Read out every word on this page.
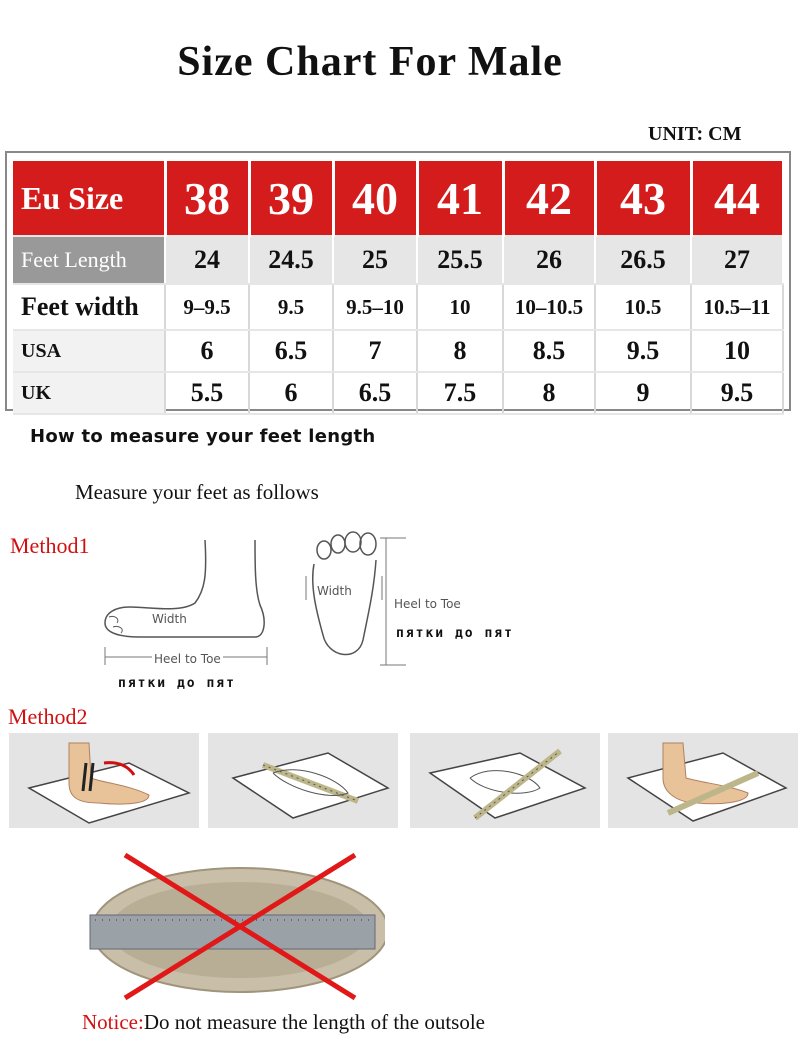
Size Chart For Male
UNIT: CM
Eu Size	38	39	40	41	42	43	44
Feet Length	24	24.5	25	25.5	26	26.5	27
Feet width	9–9.5	9.5	9.5–10	10	10–10.5	10.5	10.5–11
USA	6	6.5	7	8	8.5	9.5	10
UK	5.5	6	6.5	7.5	8	9	9.5
How to measure your feet length
Measure your feet as follows
Method1
Width
Heel to Toe
пятки до пят
Width
Heel to Toe
пятки до пят
Method2
Notice:Do not measure the length of the outsole
